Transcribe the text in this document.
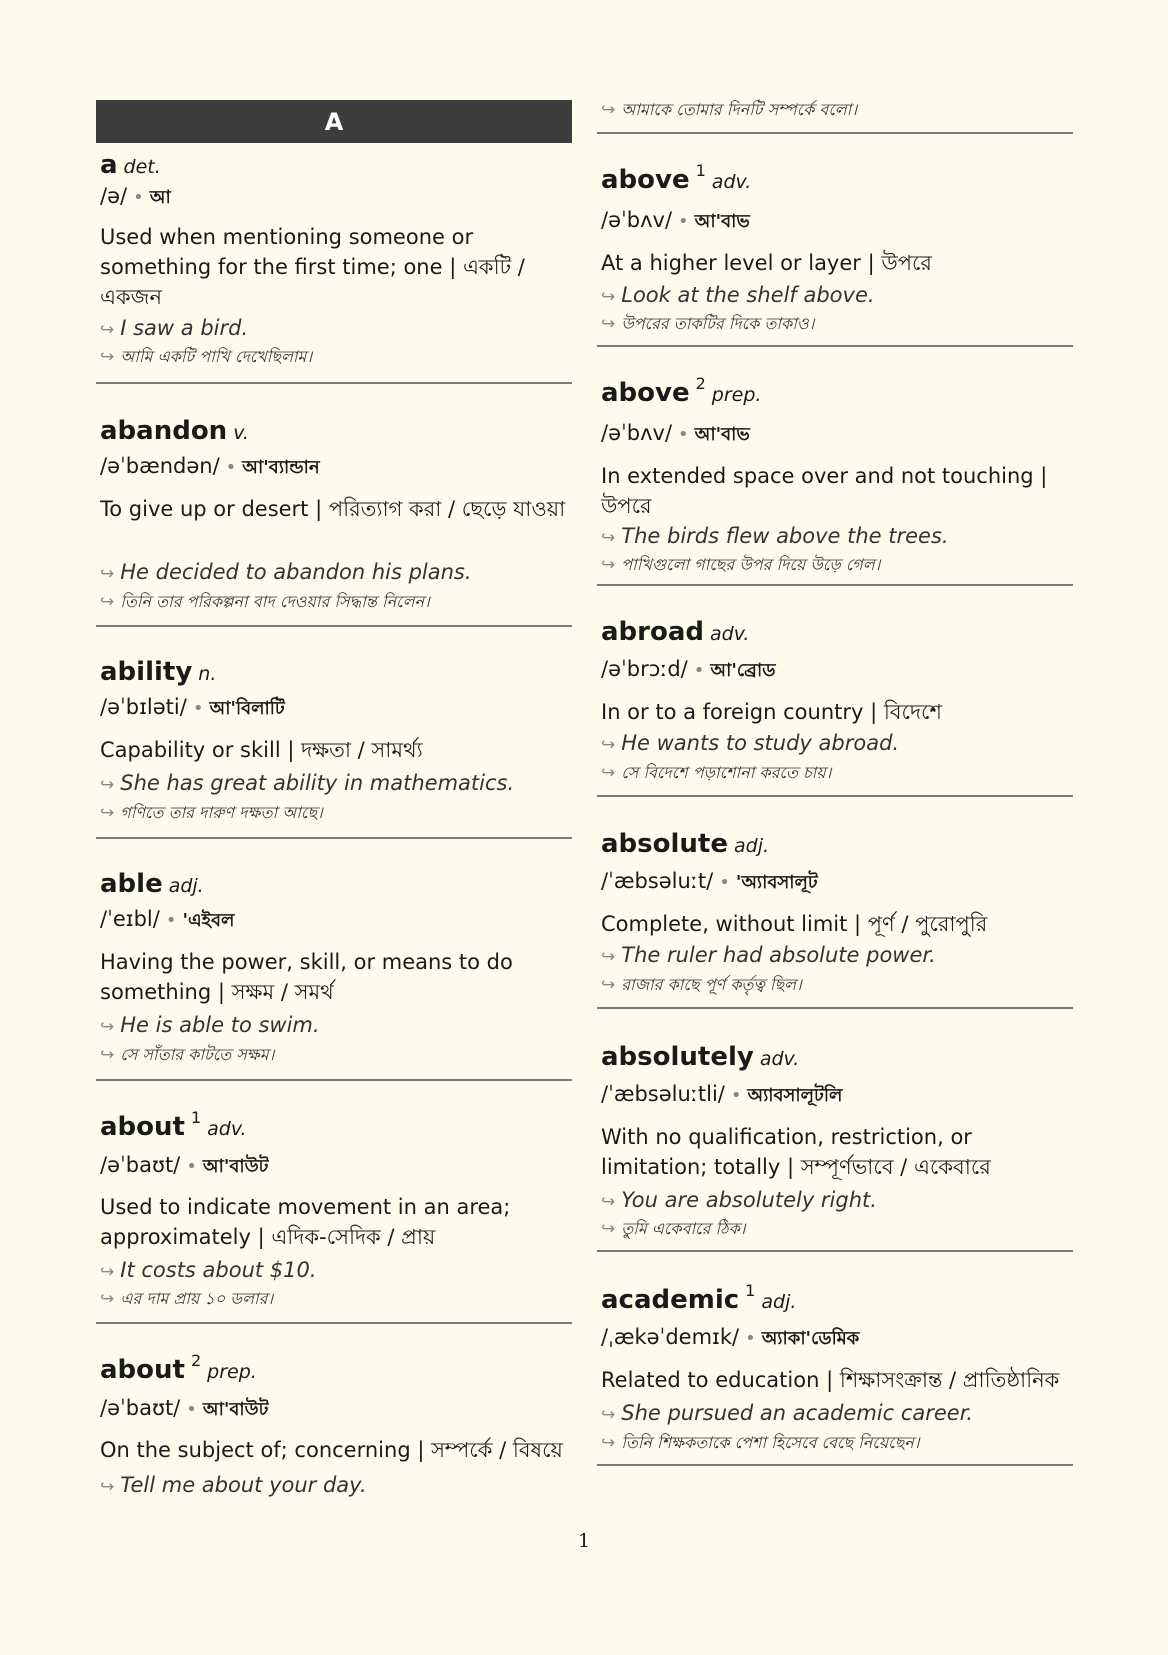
A
a det.
/ə/ • আ
Used when mentioning someone or something for the first time; one | একটি / একজন
↪ I saw a bird.
↪ আমি একটি পাখি দেখেছিলাম।
abandon v.
/əˈbændən/ • আ'ব্যান্ডান
To give up or desert | পরিত্যাগ করা / ছেড়ে যাওয়া
↪ He decided to abandon his plans.
↪ তিনি তার পরিকল্পনা বাদ দেওয়ার সিদ্ধান্ত নিলেন।
ability n.
/əˈbɪləti/ • আ'বিলাটি
Capability or skill | দক্ষতা / সামর্থ্য
↪ She has great ability in mathematics.
↪ গণিতে তার দারুণ দক্ষতা আছে।
able adj.
/ˈeɪbl/ • 'এইবল
Having the power, skill, or means to do something | সক্ষম / সমর্থ
↪ He is able to swim.
↪ সে সাঁতার কাটতে সক্ষম।
about 1adv.
/əˈbaʊt/ • আ'বাউট
Used to indicate movement in an area; approximately | এদিক-সেদিক / প্রায়
↪ It costs about $10.
↪ এর দাম প্রায় ১০ ডলার।
about 2prep.
/əˈbaʊt/ • আ'বাউট
On the subject of; concerning | সম্পর্কে / বিষয়ে
↪ Tell me about your day.
↪ আমাকে তোমার দিনটি সম্পর্কে বলো।
above 1adv.
/əˈbʌv/ • আ'বাভ
At a higher level or layer | উপরে
↪ Look at the shelf above.
↪ উপরের তাকটির দিকে তাকাও।
above 2prep.
/əˈbʌv/ • আ'বাভ
In extended space over and not touching | উপরে
↪ The birds flew above the trees.
↪ পাখিগুলো গাছের উপর দিয়ে উড়ে গেল।
abroad adv.
/əˈbrɔːd/ • আ'ব্রোড
In or to a foreign country | বিদেশে
↪ He wants to study abroad.
↪ সে বিদেশে পড়াশোনা করতে চায়।
absolute adj.
/ˈæbsəluːt/ • 'অ্যাবসালূট
Complete, without limit | পূর্ণ / পুরোপুরি
↪ The ruler had absolute power.
↪ রাজার কাছে পূর্ণ কর্তৃত্ব ছিল।
absolutely adv.
/ˈæbsəluːtli/ • অ্যাবসালূটলি
With no qualification, restriction, or limitation; totally | সম্পূর্ণভাবে / একেবারে
↪ You are absolutely right.
↪ তুমি একেবারে ঠিক।
academic 1adj.
/ˌækəˈdemɪk/ • অ্যাকা'ডেমিক
Related to education | শিক্ষাসংক্রান্ত / প্রাতিষ্ঠানিক
↪ She pursued an academic career.
↪ তিনি শিক্ষকতাকে পেশা হিসেবে বেছে নিয়েছেন।
1
